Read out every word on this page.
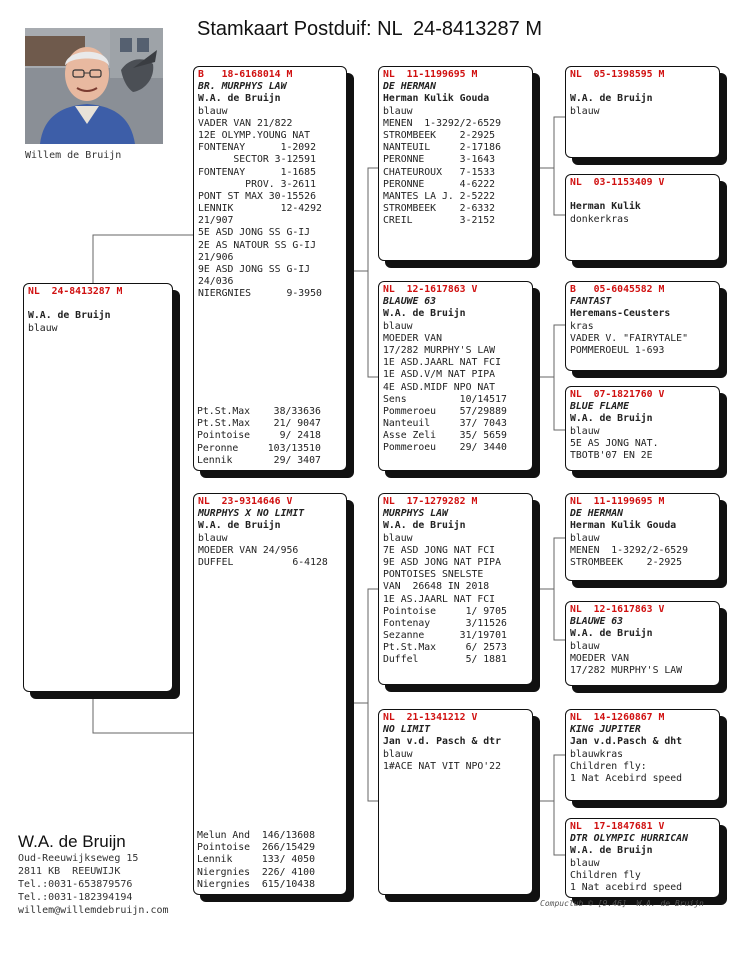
Stamkaart Postduif: NL  24-8413287 M
Willem de Bruijn
NL  24-8413287 M
W.A. de Bruijn
blauw
B   18-6168014 M
BR. MURPHYS LAW
W.A. de Bruijn
blauw
VADER VAN 21/822
12E OLYMP.YOUNG NAT
FONTENAY      1-2092
SECTOR 3-12591
FONTENAY      1-1685
PROV. 3-2611
PONT ST MAX 30-15526
LENNIK        12-4292
21/907
5E ASD JONG SS G-IJ
2E AS NATOUR SS G-IJ
21/906
9E ASD JONG SS G-IJ
24/036
NIERGNIES      9-3950
Pt.St.Max    38/33636
Pt.St.Max    21/ 9047
Pointoise     9/ 2418
Peronne     103/13510
Lennik       29/ 3407
NL  23-9314646 V
MURPHYS X NO LIMIT
W.A. de Bruijn
blauw
MOEDER VAN 24/956
DUFFEL          6-4128
Melun And  146/13608
Pointoise  266/15429
Lennik     133/ 4050
Niergnies  226/ 4100
Niergnies  615/10438
NL  11-1199695 M
DE HERMAN
Herman Kulik Gouda
blauw
MENEN  1-3292/2-6529
STROMBEEK    2-2925
NANTEUIL     2-17186
PERONNE      3-1643
CHATEUROUX   7-1533
PERONNE      4-6222
MANTES LA J. 2-5222
STROMBEEK    2-6332
CREIL        3-2152
NL  12-1617863 V
BLAUWE 63
W.A. de Bruijn
blauw
MOEDER VAN
17/282 MURPHY'S LAW
1E ASD.JAARL NAT FCI
1E ASD.V/M NAT PIPA
4E ASD.MIDF NPO NAT
Sens         10/14517
Pommeroeu    57/29889
Nanteuil     37/ 7043
Asse Zeli    35/ 5659
Pommeroeu    29/ 3440
NL  17-1279282 M
MURPHYS LAW
W.A. de Bruijn
blauw
7E ASD JONG NAT FCI
9E ASD JONG NAT PIPA
PONTOISES SNELSTE
VAN  26648 IN 2018
1E AS.JAARL NAT FCI
Pointoise     1/ 9705
Fontenay      3/11526
Sezanne      31/19701
Pt.St.Max     6/ 2573
Duffel        5/ 1881
NL  21-1341212 V
NO LIMIT
Jan v.d. Pasch & dtr
blauw
1#ACE NAT VIT NPO'22
NL  05-1398595 M
W.A. de Bruijn
blauw
NL  03-1153409 V
Herman Kulik
donkerkras
B   05-6045582 M
FANTAST
Heremans-Ceusters
kras
VADER V. "FAIRYTALE"
POMMEROEUL 1-693
NL  07-1821760 V
BLUE FLAME
W.A. de Bruijn
blauw
5E AS JONG NAT.
TBOTB'07 EN 2E
NL  11-1199695 M
DE HERMAN
Herman Kulik Gouda
blauw
MENEN  1-3292/2-6529
STROMBEEK    2-2925
NL  12-1617863 V
BLAUWE 63
W.A. de Bruijn
blauw
MOEDER VAN
17/282 MURPHY'S LAW
NL  14-1260867 M
KING JUPITER
Jan v.d.Pasch & dht
blauwkras
Children fly:
1 Nat Acebird speed
NL  17-1847681 V
DTR OLYMPIC HURRICAN
W.A. de Bruijn
blauw
Children fly
1 Nat acebird speed
W.A. de Bruijn
Oud-Reeuwijkseweg 15
2811 KB  REEUWIJK
Tel.:0031-653879576
Tel.:0031-182394194
willem@willemdebruijn.com
Compuclub © [9.46]  W.A. de Bruijn
